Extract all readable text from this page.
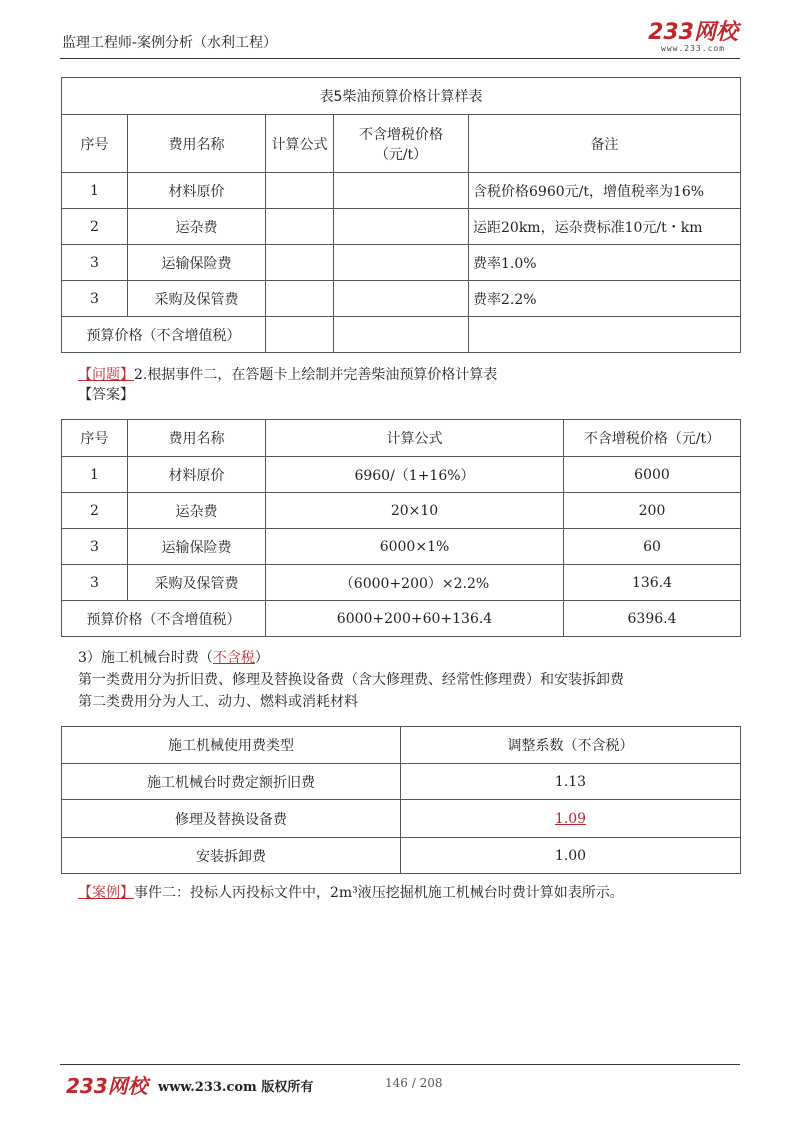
监理工程师-案例分析（水利工程）	233网校
www.233.com
表5柴油预算价格计算样表				
序号	费用名称	计算公式	不含增税价格（元/t）	备注
1	材料原价			含税价格6960元/t，增值税率为16%
2	运杂费			运距20km，运杂费标准10元/t・km
3	运输保险费			费率1.0%
3	采购及保管费			费率2.2%
预算价格（不含增值税）				
【问题】2.根据事件二，在答题卡上绘制并完善柴油预算价格计算表
【答案】
序号	费用名称	计算公式	不含增税价格（元/t）
1	材料原价	6960/（1+16%）	6000
2	运杂费	20×10	200
3	运输保险费	6000×1%	60
3	采购及保管费	（6000+200）×2.2%	136.4
预算价格（不含增值税）		6000+200+60+136.4	6396.4
3）施工机械台时费（不含税）
第一类费用分为折旧费、修理及替换设备费（含大修理费、经常性修理费）和安装拆卸费
第二类费用分为人工、动力、燃料或消耗材料
施工机械使用费类型	调整系数（不含税）
施工机械台时费定额折旧费	1.13
修理及替换设备费	1.09
安装拆卸费	1.00
【案例】事件二：投标人丙投标文件中，2m³液压挖掘机施工机械台时费计算如表所示。
233网校 www.233.com 版权所有	146 / 208
